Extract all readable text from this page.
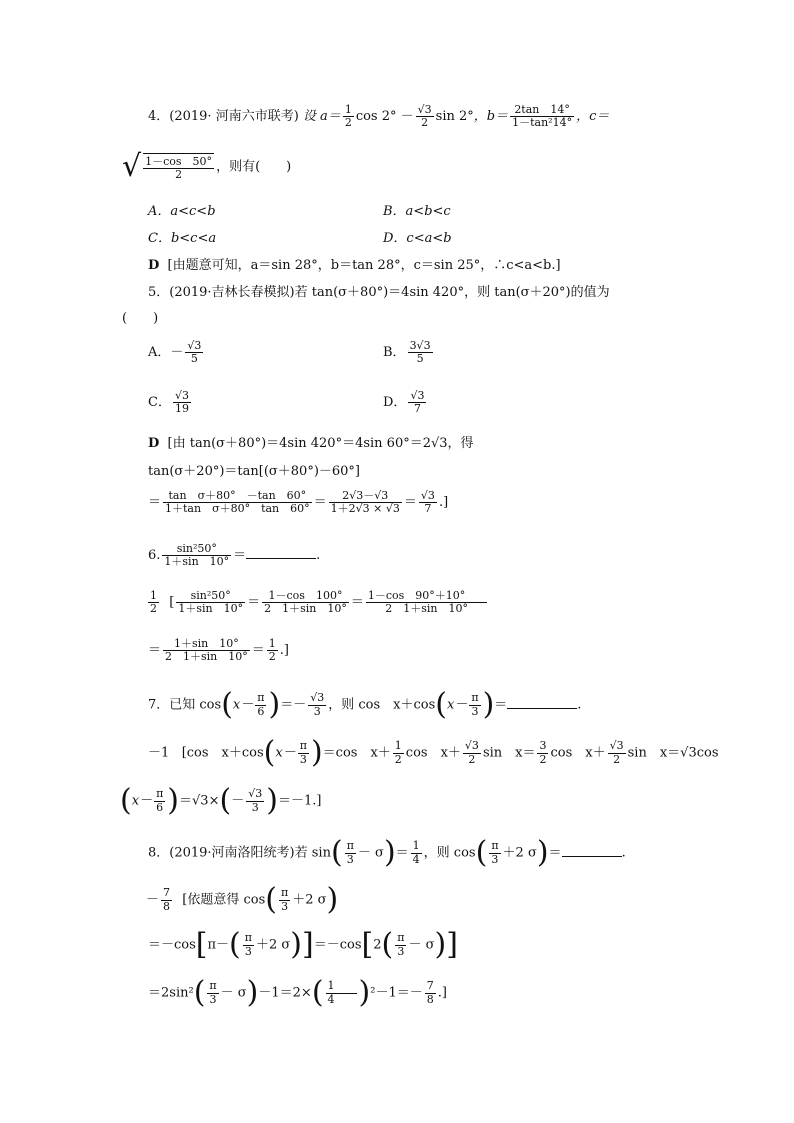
4．(2019· 河南六市联考) 设 $a= \frac{1}{2}$ $\cos 2^\circ - \frac{√3}{2}$ sin 2°，$b= \frac{2\tan 14^\circ}{\text{1－tan²14°}}$ ，c＝
√ $\frac{1-\cos 50^\circ}{2}$ ，则有(　　)
A．a<c<b	B．a<b<c
C．b<c<a	D．c<a<b
D [由题意可知，a＝sin 28°，b＝tan 28°，c＝sin 25°，∴c<a<b.]
5．(2019·吉林长春模拟)若 tan(σ＋80°)＝4sin 420°，则 tan(σ＋20°)的值为
(　　)
A．－ $\frac{√3}{5}$	B． $\frac{3√3}{5}$
C． $\frac{√3}{19}$	D． $\frac{√3}{7}$
D [由 tan(σ＋80°)＝4sin 420°＝4sin 60°＝2√3，得
tan(σ＋20°)＝tan[(σ＋80°)－60°]
＝ $\frac{\text{tan　σ＋80°　－tan　60°}}{\text{1＋tan　σ＋80°　tan　60°}} = \frac{2√3-√3}{1+2√3 \times √3} = \frac{√3}{7}$ .]
6. $\frac{\text{sin²50°}}{1+\sin 10^\circ}$ ＝	.
$\frac{1}{2}$ [ $\frac{\text{sin²50°}}{1+\sin 10^\circ} = \frac{1-\cos 100^\circ}{2 1+\sin 10^\circ} = \frac{1-\cos 90^\circ+10^\circ}{2 1+\sin 10^\circ}$
＝ $\frac{1+\sin 10^\circ}{2 1+\sin 10^\circ} = \frac{1}{2}$ .]
7．已知 $\cos(x- \frac{\pi}{6}$ )＝－ $\frac{√3}{3}$ ，则 cos　$x+\cos(x- \frac{\pi}{3}$ )＝	.
－1 [cos　$x+\cos(x- \frac{\pi}{3} )=\cos$　$x+ \frac{1}{2}$ cos　$x+ \frac{√3}{2}$ sin　$x= \frac{3}{2}$ cos　$x+ \frac{√3}{2}$ sin　x＝√3cos
$(x- \frac{\pi}{6} )=√3\times(- \frac{√3}{3} )=-1$.]
8．(2019·河南洛阳统考)若 $\sin( \frac{\pi}{3} - \sigma)= \frac{1}{4}$ ，则 $\cos( \frac{\pi}{3} +2$ σ)＝	.
－ $\frac{7}{8}$ [依题意得 $\cos( \frac{\pi}{3} +2$ σ)
$=-\cos[\pi-( \frac{\pi}{3} +2$ $\sigma)]=-\cos[2( \frac{\pi}{3} - \sigma)]$
$=2\sin^2( \frac{\pi}{3} - \sigma)-1=2\times( \frac{1}{4} )^2-1=- \frac{7}{8}$ .]
